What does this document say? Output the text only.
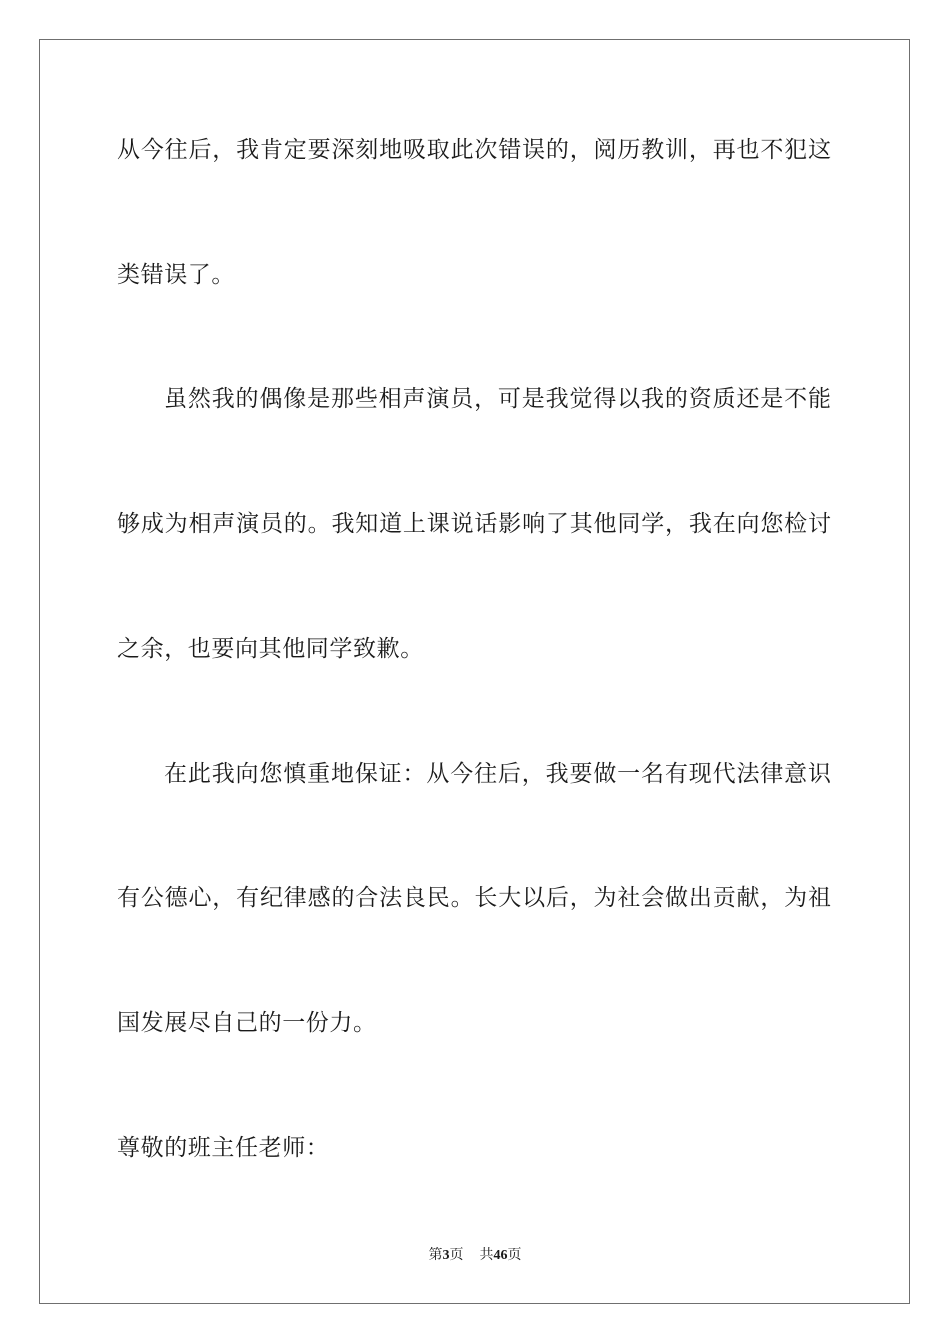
从今往后，我肯定要深刻地吸取此次错误的，阅历教训，再也不犯这
类错误了。
虽然我的偶像是那些相声演员，可是我觉得以我的资质还是不能
够成为相声演员的。我知道上课说话影响了其他同学，我在向您检讨
之余，也要向其他同学致歉。
在此我向您慎重地保证：从今往后，我要做一名有现代法律意识
有公德心，有纪律感的合法良民。长大以后，为社会做出贡献，为祖
国发展尽自己的一份力。
尊敬的班主任老师：
第3页 共46页
